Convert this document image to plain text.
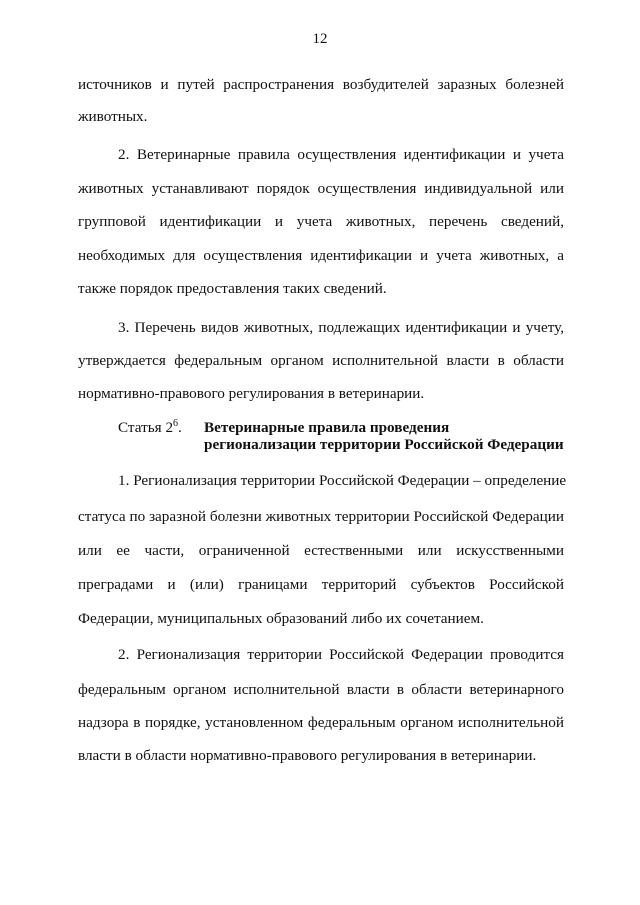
12
источников и путей распространения возбудителей заразных болезней
животных.
2. Ветеринарные правила осуществления идентификации и учета
животных устанавливают порядок осуществления индивидуальной или
групповой идентификации и учета животных, перечень сведений,
необходимых для осуществления идентификации и учета животных, а
также порядок предоставления таких сведений.
3. Перечень видов животных, подлежащих идентификации и учету,
утверждается федеральным органом исполнительной власти в области
нормативно-правового регулирования в ветеринарии.
Статья $2^6$. Ветеринарные правила проведения регионализации территории Российской Федерации
1. Регионализация территории Российской Федерации – определение
статуса по заразной болезни животных территории Российской Федерации
или ее части, ограниченной естественными или искусственными
преградами и (или) границами территорий субъектов Российской
Федерации, муниципальных образований либо их сочетанием.
2. Регионализация территории Российской Федерации проводится
федеральным органом исполнительной власти в области ветеринарного
надзора в порядке, установленном федеральным органом исполнительной
власти в области нормативно-правового регулирования в ветеринарии.
